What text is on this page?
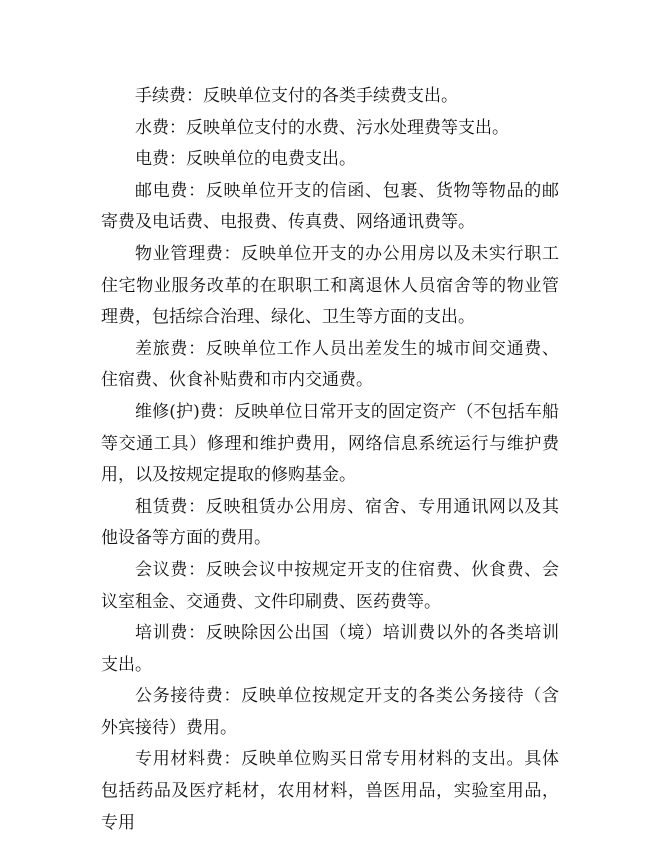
手续费：反映单位支付的各类手续费支出。

水费：反映单位支付的水费、污水处理费等支出。

电费：反映单位的电费支出。

邮电费：反映单位开支的信函、包裹、货物等物品的邮寄费及电话费、电报费、传真费、网络通讯费等。

物业管理费：反映单位开支的办公用房以及未实行职工住宅物业服务改革的在职职工和离退休人员宿舍等的物业管理费，包括综合治理、绿化、卫生等方面的支出。

差旅费：反映单位工作人员出差发生的城市间交通费、住宿费、伙食补贴费和市内交通费。

维修(护)费：反映单位日常开支的固定资产（不包括车船等交通工具）修理和维护费用，网络信息系统运行与维护费用，以及按规定提取的修购基金。

租赁费：反映租赁办公用房、宿舍、专用通讯网以及其他设备等方面的费用。

会议费：反映会议中按规定开支的住宿费、伙食费、会议室租金、交通费、文件印刷费、医药费等。

培训费：反映除因公出国（境）培训费以外的各类培训支出。

公务接待费：反映单位按规定开支的各类公务接待（含外宾接待）费用。

专用材料费：反映单位购买日常专用材料的支出。具体包括药品及医疗耗材，农用材料，兽医用品，实验室用品，专用
